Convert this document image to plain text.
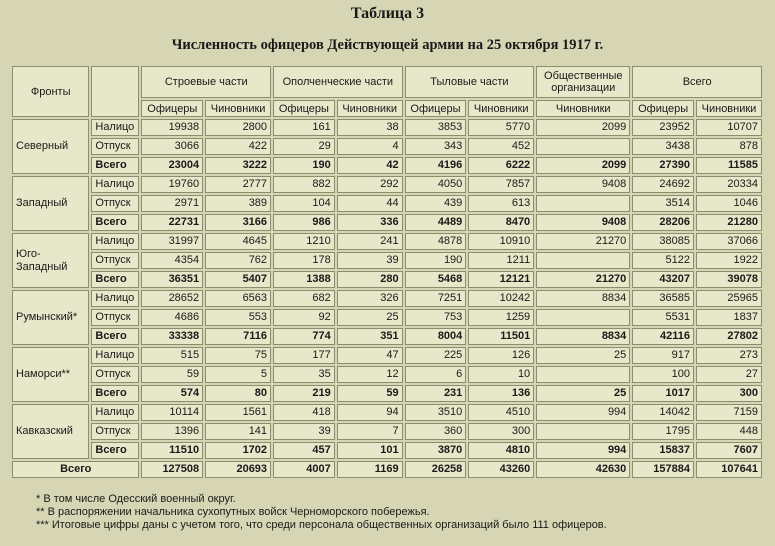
Таблица 3
Численность офицеров Действующей армии на 25 октября 1917 г.
Фронты		Строевые части		Ополченческие части		Тыловые части		Общественные организации	Всего	
		Офицеры	Чиновники	Офицеры	Чиновники	Офицеры	Чиновники	Чиновники	Офицеры	Чиновники
Северный	Налицо	19938	2800	161	38	3853	5770	2099	23952	10707
	Отпуск	3066	422	29	4	343	452		3438	878
	Всего	23004	3222	190	42	4196	6222	2099	27390	11585
Западный	Налицо	19760	2777	882	292	4050	7857	9408	24692	20334
	Отпуск	2971	389	104	44	439	613		3514	1046
	Всего	22731	3166	986	336	4489	8470	9408	28206	21280
Юго-Западный	Налицо	31997	4645	1210	241	4878	10910	21270	38085	37066
	Отпуск	4354	762	178	39	190	1211		5122	1922
	Всего	36351	5407	1388	280	5468	12121	21270	43207	39078
Румынский*	Налицо	28652	6563	682	326	7251	10242	8834	36585	25965
	Отпуск	4686	553	92	25	753	1259		5531	1837
	Всего	33338	7116	774	351	8004	11501	8834	42116	27802
Наморси**	Налицо	515	75	177	47	225	126	25	917	273
	Отпуск	59	5	35	12	6	10		100	27
	Всего	574	80	219	59	231	136	25	1017	300
Кавказский	Налицо	10114	1561	418	94	3510	4510	994	14042	7159
	Отпуск	1396	141	39	7	360	300		1795	448
	Всего	11510	1702	457	101	3870	4810	994	15837	7607
Всего		127508	20693	4007	1169	26258	43260	42630	157884	107641
* В том числе Одесский военный округ.
** В распоряжении начальника сухопутных войск Черноморского побережья.
*** Итоговые цифры даны с учетом того, что среди персонала общественных организаций было 111 офицеров.
